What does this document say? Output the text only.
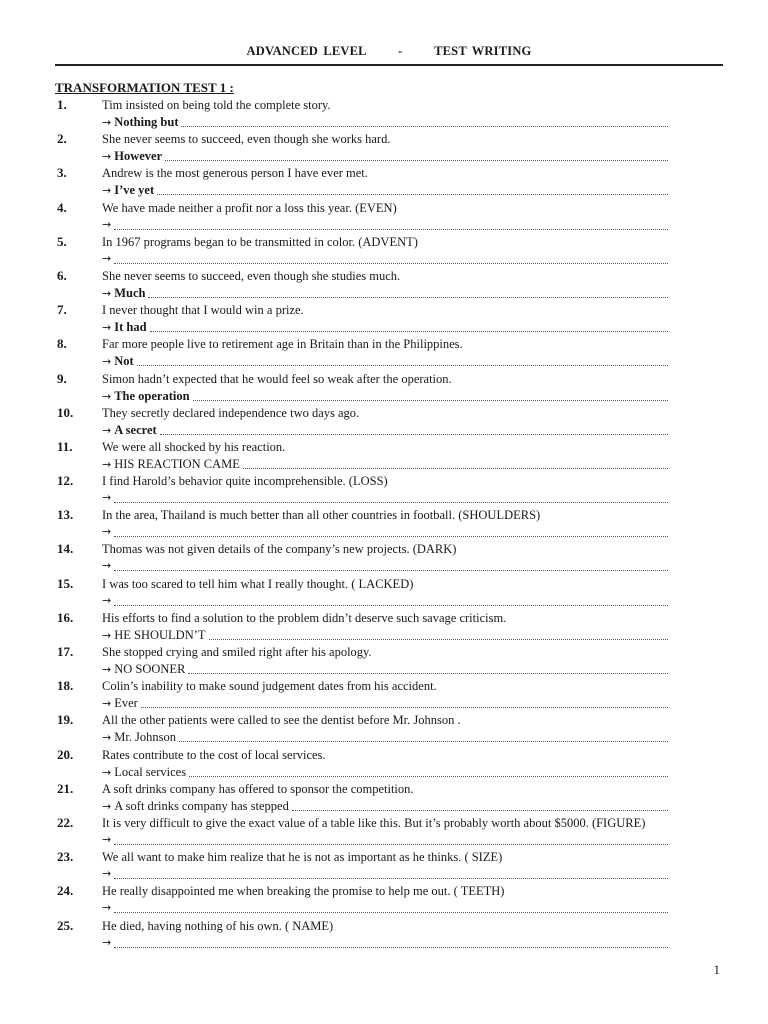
ADVANCED LEVEL	-	TEST WRITING
TRANSFORMATION TEST 1 :
1.	Tim insisted on being told the complete story.
→ Nothing but
2.	She never seems to succeed, even though she works hard.
→ However
3.	Andrew is the most generous person I have ever met.
→ I’ve yet
4.	We have made neither a profit nor a loss this year. (EVEN)
→
5.	In 1967 programs began to be transmitted in color. (ADVENT)
→
6.	She never seems to succeed, even though she studies much.
→ Much
7.	I never thought that I would win a prize.
→ It had
8.	Far more people live to retirement age in Britain than in the Philippines.
→ Not
9.	Simon hadn’t expected that he would feel so weak after the operation.
→ The operation
10. They secretly declared independence two days ago.
→ A secret
11. We were all shocked by his reaction.
→ HIS REACTION CAME
12. I find Harold’s behavior quite incomprehensible. (LOSS)
→
13. In the area, Thailand is much better than all other countries in football. (SHOULDERS)
→
14. Thomas was not given details of the company’s new projects. (DARK)
→
15. I was too scared to tell him what I really thought. ( LACKED)
→
16. His efforts to find a solution to the problem didn’t deserve such savage criticism.
→ HE SHOULDN’T
17. She stopped crying and smiled right after his apology.
→ NO SOONER
18. Colin’s inability to make sound judgement dates from his accident.
→ Ever
19. All the other patients were called to see the dentist before Mr. Johnson .
→ Mr. Johnson
20. Rates contribute to the cost of local services.
→ Local services
21. A soft drinks company has offered to sponsor the competition.
→ A soft drinks company has stepped
22. It is very difficult to give the exact value of a table like this. But it’s probably worth about $5000. (FIGURE)
→
23. We all want to make him realize that he is not as important as he thinks. ( SIZE)
→
24. He really disappointed me when breaking the promise to help me out. ( TEETH)
→
25. He died, having nothing of his own. ( NAME)
→
1
